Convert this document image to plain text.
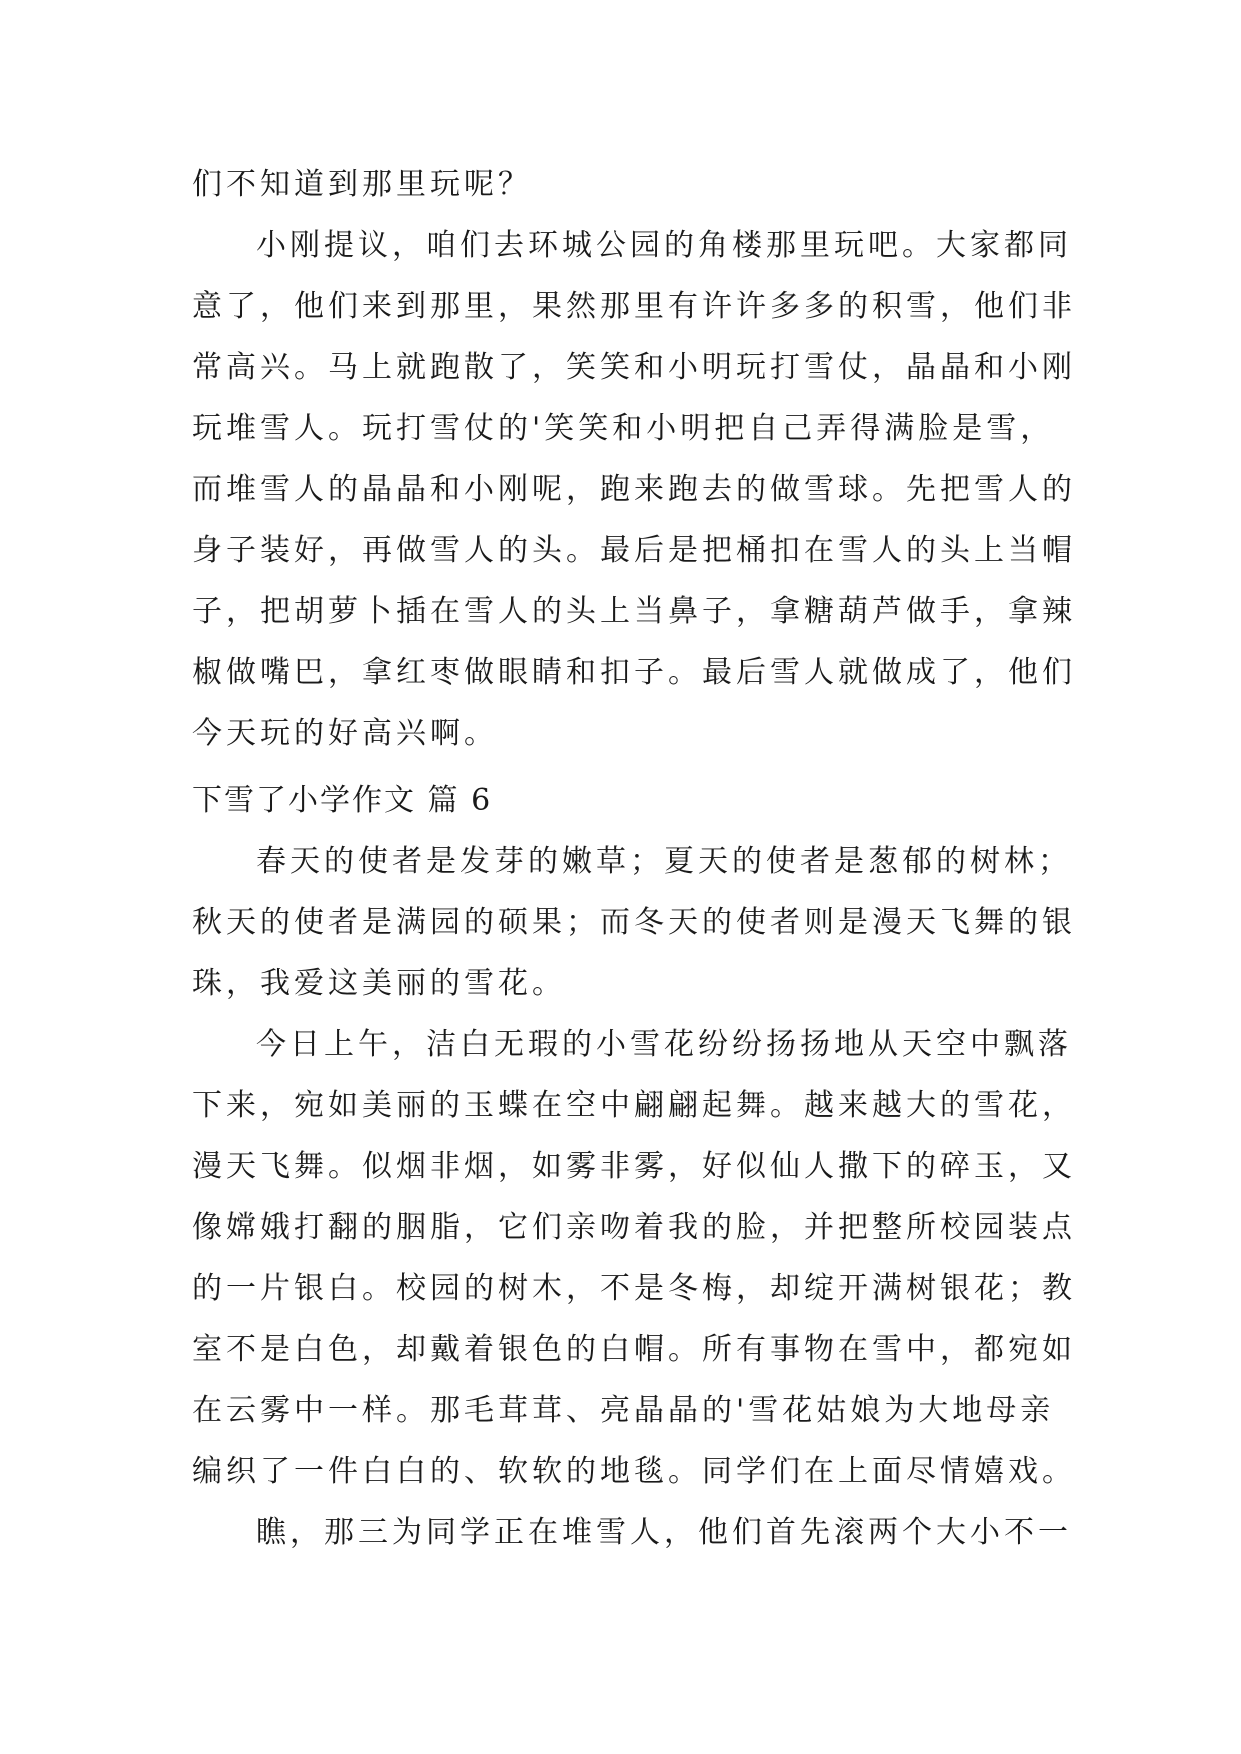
们不知道到那里玩呢？
小刚提议，咱们去环城公园的角楼那里玩吧。大家都同
意了，他们来到那里，果然那里有许许多多的积雪，他们非
常高兴。马上就跑散了，笑笑和小明玩打雪仗，晶晶和小刚
玩堆雪人。玩打雪仗的'笑笑和小明把自己弄得满脸是雪，
而堆雪人的晶晶和小刚呢，跑来跑去的做雪球。先把雪人的
身子装好，再做雪人的头。最后是把桶扣在雪人的头上当帽
子，把胡萝卜插在雪人的头上当鼻子，拿糖葫芦做手，拿辣
椒做嘴巴，拿红枣做眼睛和扣子。最后雪人就做成了，他们
今天玩的好高兴啊。
下雪了小学作文 篇 6
春天的使者是发芽的嫩草；夏天的使者是葱郁的树林；
秋天的使者是满园的硕果；而冬天的使者则是漫天飞舞的银
珠，我爱这美丽的雪花。
今日上午，洁白无瑕的小雪花纷纷扬扬地从天空中飘落
下来，宛如美丽的玉蝶在空中翩翩起舞。越来越大的雪花，
漫天飞舞。似烟非烟，如雾非雾，好似仙人撒下的碎玉，又
像嫦娥打翻的胭脂，它们亲吻着我的脸，并把整所校园装点
的一片银白。校园的树木，不是冬梅，却绽开满树银花；教
室不是白色，却戴着银色的白帽。所有事物在雪中，都宛如
在云雾中一样。那毛茸茸、亮晶晶的'雪花姑娘为大地母亲
编织了一件白白的、软软的地毯。同学们在上面尽情嬉戏。
瞧，那三为同学正在堆雪人，他们首先滚两个大小不一
